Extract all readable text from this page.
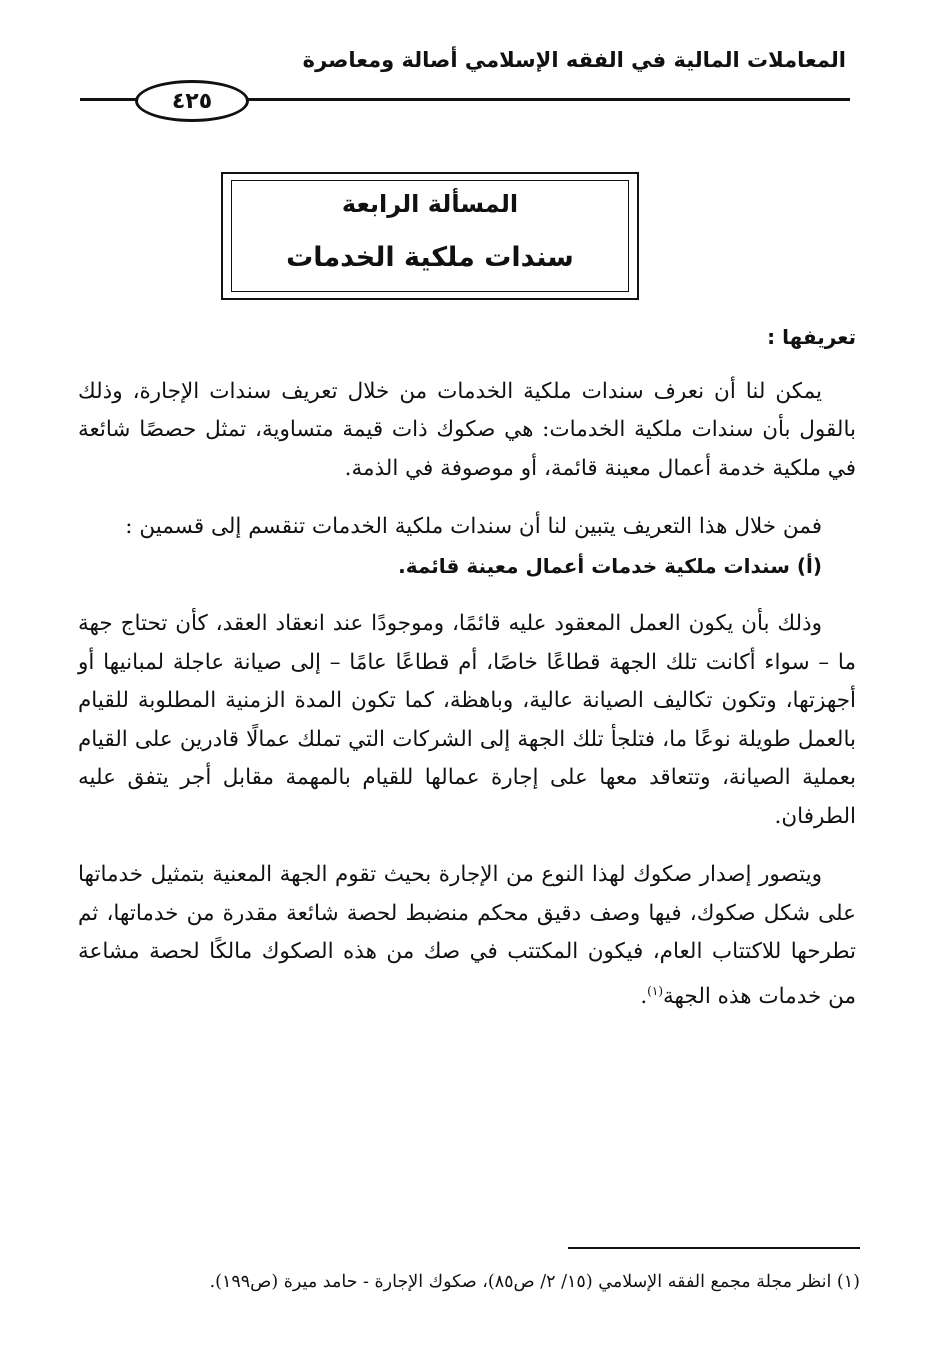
المعاملات المالية في الفقه الإسلامي أصالة ومعاصرة
٤٢٥
المسألة الرابعة
سندات ملكية الخدمات

تعريفها :

يمكن لنا أن نعرف سندات ملكية الخدمات من خلال تعريف سندات الإجارة، وذلك بالقول بأن سندات ملكية الخدمات: هي صكوك ذات قيمة متساوية، تمثل حصصًا شائعة في ملكية خدمة أعمال معينة قائمة، أو موصوفة في الذمة.

فمن خلال هذا التعريف يتبين لنا أن سندات ملكية الخدمات تنقسم إلى قسمين :

(أ) سندات ملكية خدمات أعمال معينة قائمة.

وذلك بأن يكون العمل المعقود عليه قائمًا، وموجودًا عند انعقاد العقد، كأن تحتاج جهة ما – سواء أكانت تلك الجهة قطاعًا خاصًا، أم قطاعًا عامًا – إلى صيانة عاجلة لمبانيها أو أجهزتها، وتكون تكاليف الصيانة عالية، وباهظة، كما تكون المدة الزمنية المطلوبة للقيام بالعمل طويلة نوعًا ما، فتلجأ تلك الجهة إلى الشركات التي تملك عمالًا قادرين على القيام بعملية الصيانة، وتتعاقد معها على إجارة عمالها للقيام بالمهمة مقابل أجر يتفق عليه الطرفان.

ويتصور إصدار صكوك لهذا النوع من الإجارة بحيث تقوم الجهة المعنية بتمثيل خدماتها على شكل صكوك، فيها وصف دقيق محكم منضبط لحصة شائعة مقدرة من خدماتها، ثم تطرحها للاكتتاب العام، فيكون المكتتب في صك من هذه الصكوك مالكًا لحصة مشاعة من خدمات هذه الجهة$^{(١)}$.

(١) انظر مجلة مجمع الفقه الإسلامي (١٥/ ٢/ ص٨٥)، صكوك الإجارة - حامد ميرة (ص١٩٩).
